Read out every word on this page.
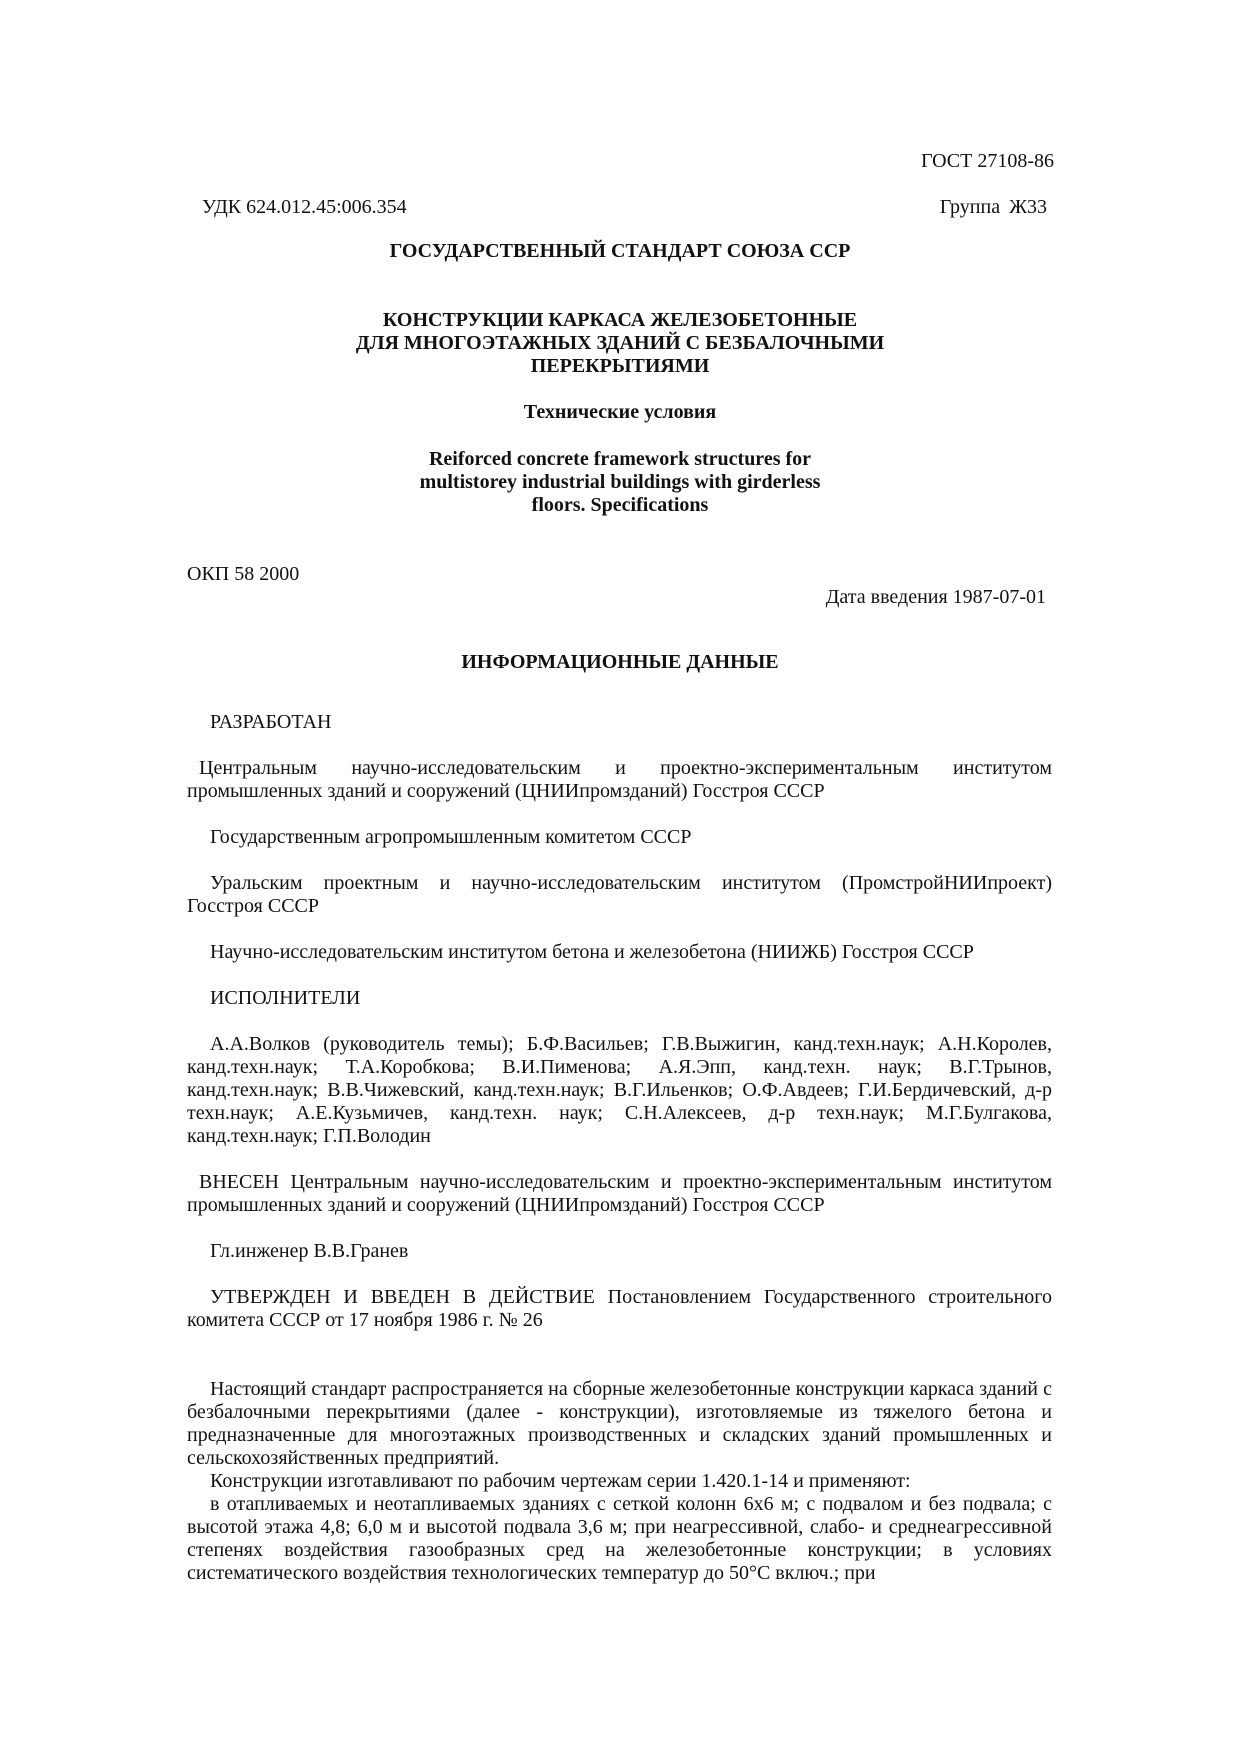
ГОСТ 27108-86
УДК 624.012.45:006.354	Группа Ж33
ГОСУДАРСТВЕННЫЙ СТАНДАРТ СОЮЗА ССР
КОНСТРУКЦИИ КАРКАСА ЖЕЛЕЗОБЕТОННЫЕ
ДЛЯ МНОГОЭТАЖНЫХ ЗДАНИЙ С БЕЗБАЛОЧНЫМИ
ПЕРЕКРЫТИЯМИ
Технические условия
Reiforced concrete framework structures for
multistorey industrial buildings with girderless
floors. Specifications
ОКП 58 2000
Дата введения 1987-07-01
ИНФОРМАЦИОННЫЕ ДАННЫЕ

РАЗРАБОТАН

Центральным научно-исследовательским и проектно-экспериментальным институтом промышленных зданий и сооружений (ЦНИИпромзданий) Госстроя СССР

Государственным агропромышленным комитетом СССР

Уральским проектным и научно-исследовательским институтом (ПромстройНИИпроект) Госстроя СССР

Научно-исследовательским институтом бетона и железобетона (НИИЖБ) Госстроя СССР

ИСПОЛНИТЕЛИ

А.А.Волков (руководитель темы); Б.Ф.Васильев; Г.В.Выжигин, канд.техн.наук; А.Н.Королев, канд.техн.наук; Т.А.Коробкова; В.И.Пименова; А.Я.Эпп, канд.техн. наук; В.Г.Трынов, канд.техн.наук; В.В.Чижевский, канд.техн.наук; В.Г.Ильенков; О.Ф.Авдеев; Г.И.Бердичевский, д-р техн.наук; А.Е.Кузьмичев, канд.техн. наук; С.Н.Алексеев, д-р техн.наук; М.Г.Булгакова, канд.техн.наук; Г.П.Володин

ВНЕСЕН Центральным научно-исследовательским и проектно-экспериментальным институтом промышленных зданий и сооружений (ЦНИИпромзданий) Госстроя СССР

Гл.инженер В.В.Гранев

УТВЕРЖДЕН И ВВЕДЕН В ДЕЙСТВИЕ Постановлением Государственного строительного комитета СССР от 17 ноября 1986 г. № 26

Настоящий стандарт распространяется на сборные железобетонные конструкции каркаса зданий с безбалочными перекрытиями (далее - конструкции), изготовляемые из тяжелого бетона и предназначенные для многоэтажных производственных и складских зданий промышленных и сельскохозяйственных предприятий.

Конструкции изготавливают по рабочим чертежам серии 1.420.1-14 и применяют:

в отапливаемых и неотапливаемых зданиях с сеткой колонн 6х6 м; с подвалом и без подвала; с высотой этажа 4,8; 6,0 м и высотой подвала 3,6 м; при неагрессивной, слабо- и среднеагрессивной степенях воздействия газообразных сред на железобетонные конструкции; в условиях систематического воздействия технологических температур до 50°С включ.; при
